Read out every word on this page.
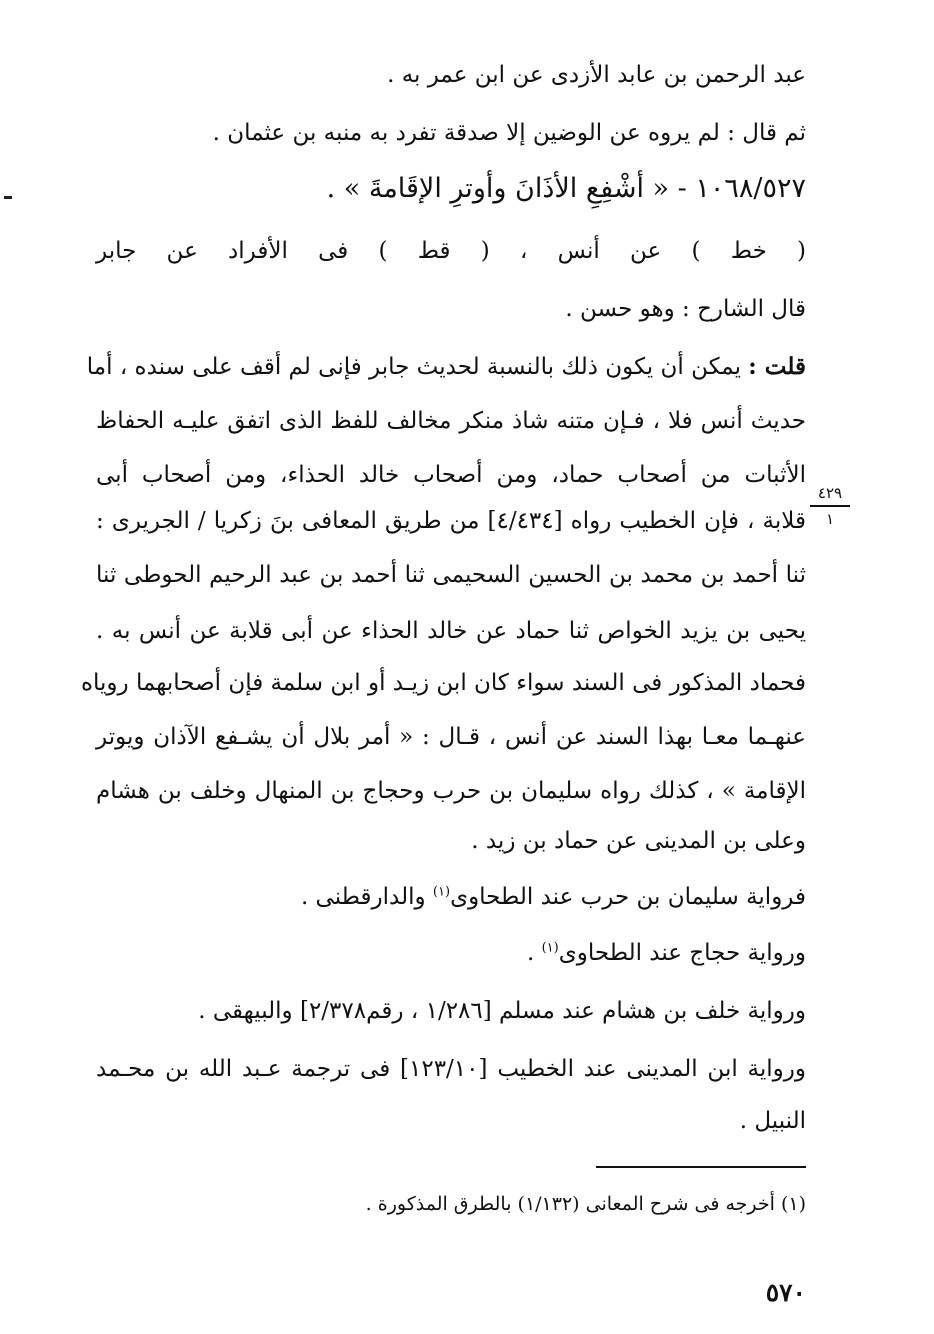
عبد الرحمن بن عابد الأزدى عن ابن عمر به .
ثم قال : لم يروه عن الوضين إلا صدقة تفرد به منبه بن عثمان .
١٠٦٨/٥٢٧ - « أشْفِعِ الأذَانَ وأوترِ الإقَامةَ » .
( خط ) عن أنس ، ( قط ) فى الأفراد عن جابر
قال الشارح : وهو حسن .
قلت : يمكن أن يكون ذلك بالنسبة لحديث جابر فإنى لم أقف على سنده ، أما
حديث أنس فلا ، فـإن متنه شاذ منكر مخالف للفظ الذى اتفق عليـه الحفاظ
الأثبات من أصحاب حماد، ومن أصحاب خالد الحذاء، ومن أصحاب أبى
قلابة ، فإن الخطيب رواه [٤/٤٣٤] من طريق المعافى بنَ زكريا / الجريرى :
٤٢٩
١
ثنا أحمد بن محمد بن الحسين السحيمى ثنا أحمد بن عبد الرحيم الحوطى ثنا
يحيى بن يزيد الخواص ثنا حماد عن خالد الحذاء عن أبى قلابة عن أنس به .
فحماد المذكور فى السند سواء كان ابن زيـد أو ابن سلمة فإن أصحابهما روياه
عنهـما معـا بهذا السند عن أنس ، قـال : « أمر بلال أن يشـفع الآذان ويوتر
الإقامة » ، كذلك رواه سليمان بن حرب وحجاج بن المنهال وخلف بن هشام
وعلى بن المدينى عن حماد بن زيد .
فرواية سليمان بن حرب عند الطحاوى$^{(١)}$ والدارقطنى .
ورواية حجاج عند الطحاوى$^{(١)}$ .
ورواية خلف بن هشام عند مسلم [١/٢٨٦ ، رقم٢/٣٧٨] والبيهقى .
ورواية ابن المدينى عند الخطيب [١٢٣/١٠] فى ترجمة عـبد الله بن محـمد
النبيل .
(١) أخرجه فى شرح المعانى (١/١٣٢) بالطرق المذكورة .
٥٧٠
